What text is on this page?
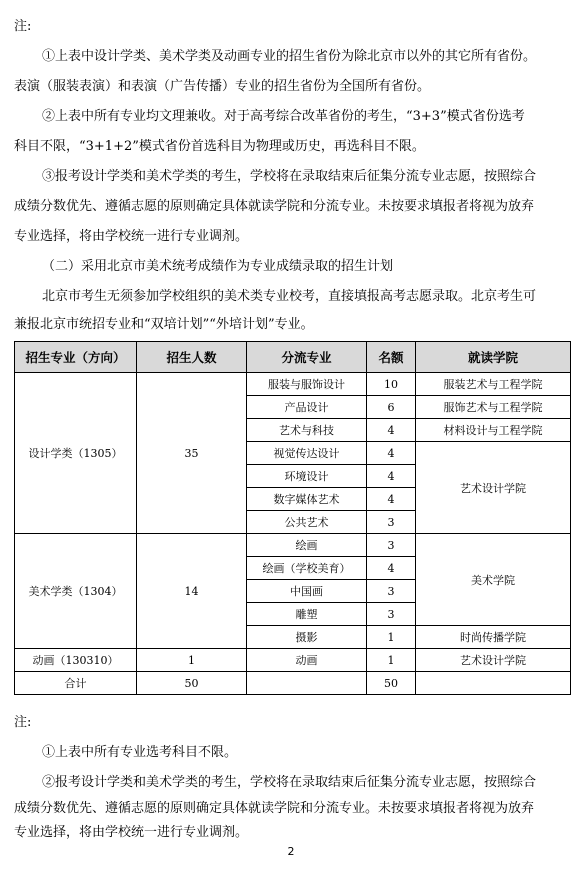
注:

①上表中设计学类、美术学类及动画专业的招生省份为除北京市以外的其它所有省份。

表演（服装表演）和表演（广告传播）专业的招生省份为全国所有省份。

②上表中所有专业均文理兼收。对于高考综合改革省份的考生，“3+3”模式省份选考

科目不限，“3+1+2”模式省份首选科目为物理或历史，再选科目不限。

③报考设计学类和美术学类的考生，学校将在录取结束后征集分流专业志愿，按照综合

成绩分数优先、遵循志愿的原则确定具体就读学院和分流专业。未按要求填报者将视为放弃

专业选择，将由学校统一进行专业调剂。

（二）采用北京市美术统考成绩作为专业成绩录取的招生计划

北京市考生无须参加学校组织的美术类专业校考，直接填报高考志愿录取。北京考生可

兼报北京市统招专业和“双培计划”“外培计划”专业。

招生专业（方向）	招生人数	分流专业	名额	就读学院
设计学类（1305）	35	服装与服饰设计	10	服装艺术与工程学院
		产品设计	6	服饰艺术与工程学院
		艺术与科技	4	材料设计与工程学院
		视觉传达设计	4	艺术设计学院
		环境设计	4	
		数字媒体艺术	4	
		公共艺术	3	
美术学类（1304）	14	绘画	3	美术学院
		绘画（学校美育）	4	
		中国画	3	
		雕塑	3	
		摄影	1	时尚传播学院
动画（130310）	1	动画	1	艺术设计学院
合计	50		50	

注:

①上表中所有专业选考科目不限。

②报考设计学类和美术学类的考生，学校将在录取结束后征集分流专业志愿，按照综合

成绩分数优先、遵循志愿的原则确定具体就读学院和分流专业。未按要求填报者将视为放弃

专业选择，将由学校统一进行专业调剂。

2
